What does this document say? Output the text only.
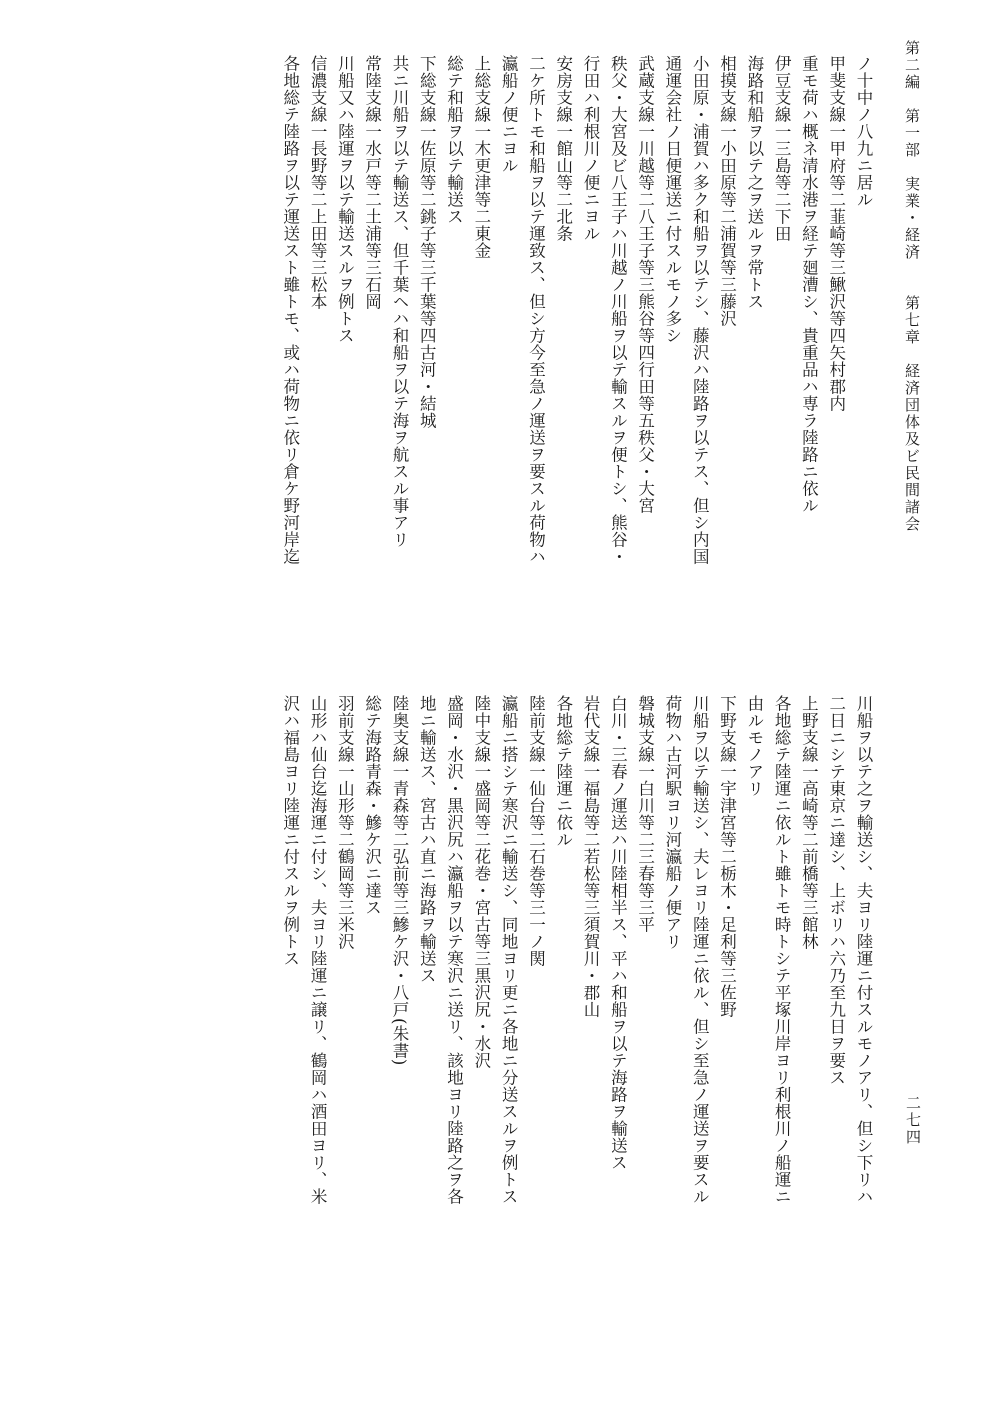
第二編　第一部　実業・経済　　第七章　経済団体及ビ民間諸会
二七四
ノ十中ノ八九ニ居ル
甲斐支線一甲府等二韮崎等三鰍沢等四矢村郡内
重モ荷ハ概ネ清水港ヲ経テ廻漕シ、貴重品ハ専ラ陸路ニ依ル
伊豆支線一三島等二下田
海路和船ヲ以テ之ヲ送ルヲ常トス
相摸支線一小田原等二浦賀等三藤沢
小田原・浦賀ハ多ク和船ヲ以テシ、藤沢ハ陸路ヲ以テス、但シ内国
通運会社ノ日便運送ニ付スルモノ多シ
武蔵支線一川越等二八王子等三熊谷等四行田等五秩父・大宮
秩父・大宮及ビ八王子ハ川越ノ川船ヲ以テ輸スルヲ便トシ、熊谷・
行田ハ利根川ノ便ニヨル
安房支線一館山等二北条
二ケ所トモ和船ヲ以テ運致ス、但シ方今至急ノ運送ヲ要スル荷物ハ
瀛船ノ便ニヨル
上総支線一木更津等二東金
総テ和船ヲ以テ輸送ス
下総支線一佐原等二銚子等三千葉等四古河・結城
共ニ川船ヲ以テ輸送ス、但千葉ヘハ和船ヲ以テ海ヲ航スル事アリ
常陸支線一水戸等二土浦等三石岡
川船又ハ陸運ヲ以テ輸送スルヲ例トス
信濃支線一長野等二上田等三松本
各地総テ陸路ヲ以テ運送スト雖トモ、或ハ荷物ニ依リ倉ケ野河岸迄
川船ヲ以テ之ヲ輸送シ、夫ヨリ陸運ニ付スルモノアリ、但シ下リハ
二日ニシテ東京ニ達シ、上ボリハ六乃至九日ヲ要ス
上野支線一高崎等二前橋等三館林
各地総テ陸運ニ依ルト雖トモ時トシテ平塚川岸ヨリ利根川ノ船運ニ
由ルモノアリ
下野支線一宇津宮等二栃木・足利等三佐野
川船ヲ以テ輸送シ、夫レヨリ陸運ニ依ル、但シ至急ノ運送ヲ要スル
荷物ハ古河駅ヨリ河瀛船ノ便アリ
磐城支線一白川等二三春等三平
白川・三春ノ運送ハ川陸相半ス、平ハ和船ヲ以テ海路ヲ輸送ス
岩代支線一福島等二若松等三須賀川・郡山
各地総テ陸運ニ依ル
陸前支線一仙台等二石巻等三一ノ関
瀛船ニ搭シテ寒沢ニ輸送シ、同地ヨリ更ニ各地ニ分送スルヲ例トス
陸中支線一盛岡等二花巻・宮古等三黒沢尻・水沢
盛岡・水沢・黒沢尻ハ瀛船ヲ以テ寒沢ニ送リ、該地ヨリ陸路之ヲ各
地ニ輸送ス、宮古ハ直ニ海路ヲ輸送ス
陸奥支線一青森等二弘前等三鰺ケ沢・八戸(朱書)
総テ海路青森・鰺ケ沢ニ達ス
羽前支線一山形等二鶴岡等三米沢
山形ハ仙台迄海運ニ付シ、夫ヨリ陸運ニ譲リ、鶴岡ハ酒田ヨリ、米
沢ハ福島ヨリ陸運ニ付スルヲ例トス
